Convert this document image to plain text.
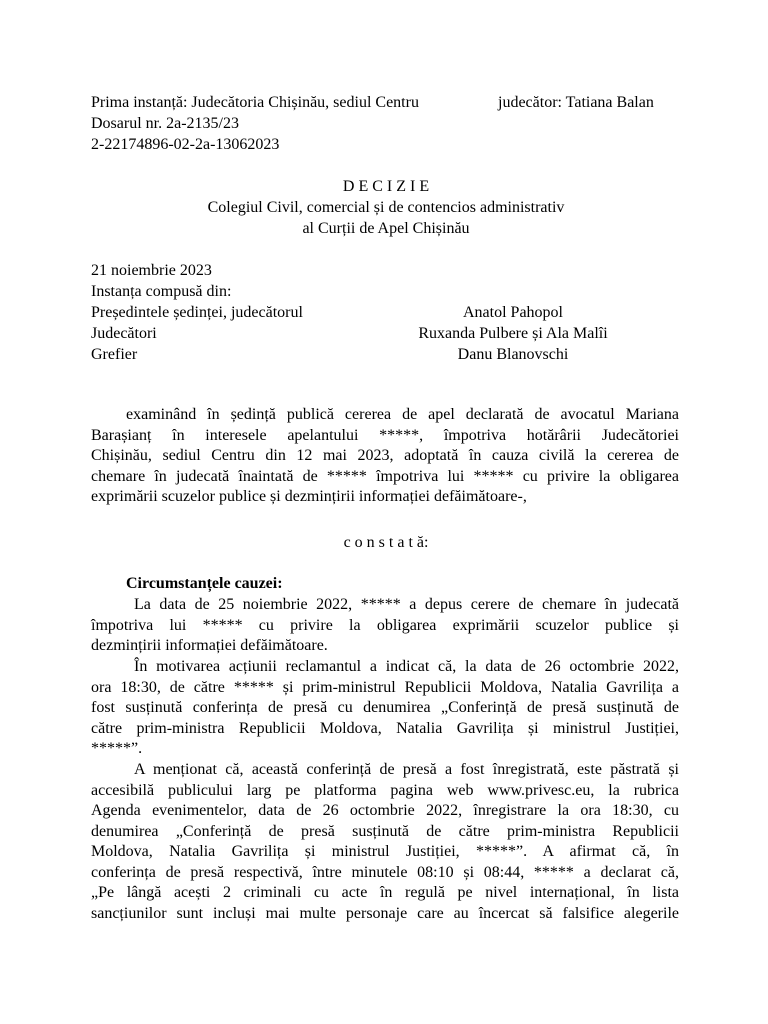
Prima instanță: Judecătoria Chișinău, sediul Centru	judecător: Tatiana Balan
Dosarul nr. 2a-2135/23
2-22174896-02-2a-13062023
D E C I Z I E
Colegiul Civil, comercial și de contencios administrativ
al Curții de Apel Chișinău
21 noiembrie 2023
Instanța compusă din:
Președintele ședinței, judecătorul	Anatol Pahopol
Judecători	Ruxanda Pulbere și Ala Malîi
Grefier	Danu Blanovschi
examinând în ședință publică cererea de apel declarată de avocatul Mariana
Barașianț în interesele apelantului *****, împotriva hotărârii Judecătoriei
Chișinău, sediul Centru din 12 mai 2023, adoptată în cauza civilă la cererea de
chemare în judecată înaintată de ***** împotriva lui ***** cu privire la obligarea
exprimării scuzelor publice și dezmințirii informației defăimătoare-,
c o n s t a t ă:
Circumstanțele cauzei:
La data de 25 noiembrie 2022, ***** a depus cerere de chemare în judecată
împotriva lui ***** cu privire la obligarea exprimării scuzelor publice și
dezmințirii informației defăimătoare.
În motivarea acțiunii reclamantul a indicat că, la data de 26 octombrie 2022,
ora 18:30, de către ***** și prim-ministrul Republicii Moldova, Natalia Gavrilița a
fost susținută conferința de presă cu denumirea „Conferință de presă susținută de
către prim-ministra Republicii Moldova, Natalia Gavrilița și ministrul Justiției,
*****”.
A menționat că, această conferință de presă a fost înregistrată, este păstrată și
accesibilă publicului larg pe platforma pagina web www.privesc.eu, la rubrica
Agenda evenimentelor, data de 26 octombrie 2022, înregistrare la ora 18:30, cu
denumirea „Conferință de presă susținută de către prim-ministra Republicii
Moldova, Natalia Gavrilița și ministrul Justiției, *****”. A afirmat că, în
conferința de presă respectivă, între minutele 08:10 și 08:44, ***** a declarat că,
„Pe lângă acești 2 criminali cu acte în regulă pe nivel internațional, în lista
sancțiunilor sunt incluși mai multe personaje care au încercat să falsifice alegerile
